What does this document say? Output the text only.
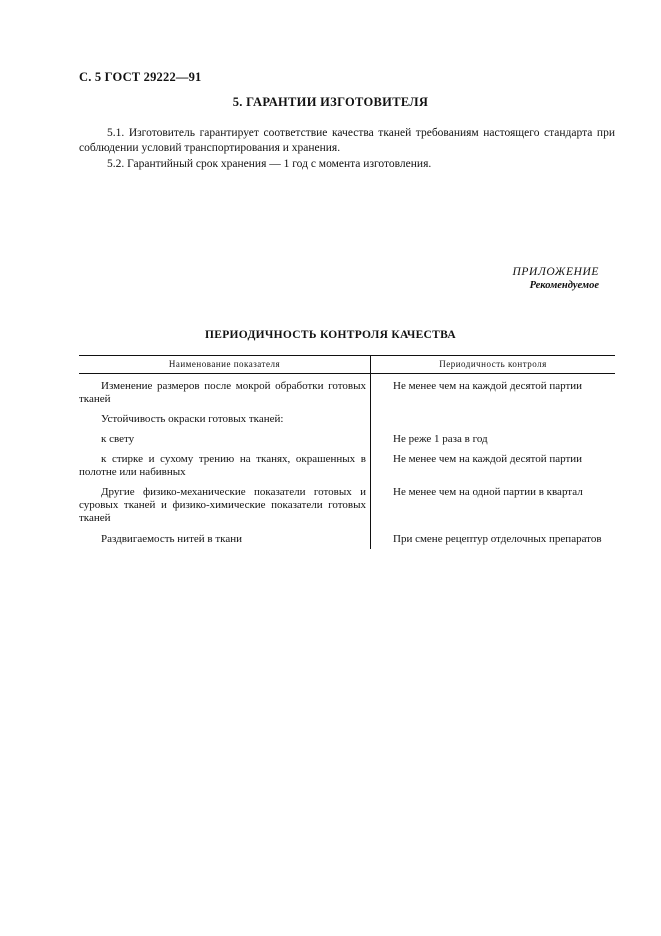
С. 5 ГОСТ 29222—91
5. ГАРАНТИИ ИЗГОТОВИТЕЛЯ
5.1. Изготовитель гарантирует соответствие качества тканей требованиям настоящего стандарта при соблюдении условий транспортирования и хранения.
5.2. Гарантийный срок хранения — 1 год с момента изготовления.
ПРИЛОЖЕНИЕ
Рекомендуемое
ПЕРИОДИЧНОСТЬ КОНТРОЛЯ КАЧЕСТВА
Наименование показателя	Периодичность контроля
Изменение размеров после мокрой обработки готовых тканей	Не менее чем на каждой десятой партии
Устойчивость окраски готовых тканей:	
к свету	Не реже 1 раза в год
к стирке и сухому трению на тканях, окрашенных в полотне или набивных	Не менее чем на каждой десятой партии
Другие физико-механические показатели готовых и суровых тканей и физико-химические показатели готовых тканей	Не менее чем на одной партии в квартал
Раздвигаемость нитей в ткани	При смене рецептур отделочных препаратов
